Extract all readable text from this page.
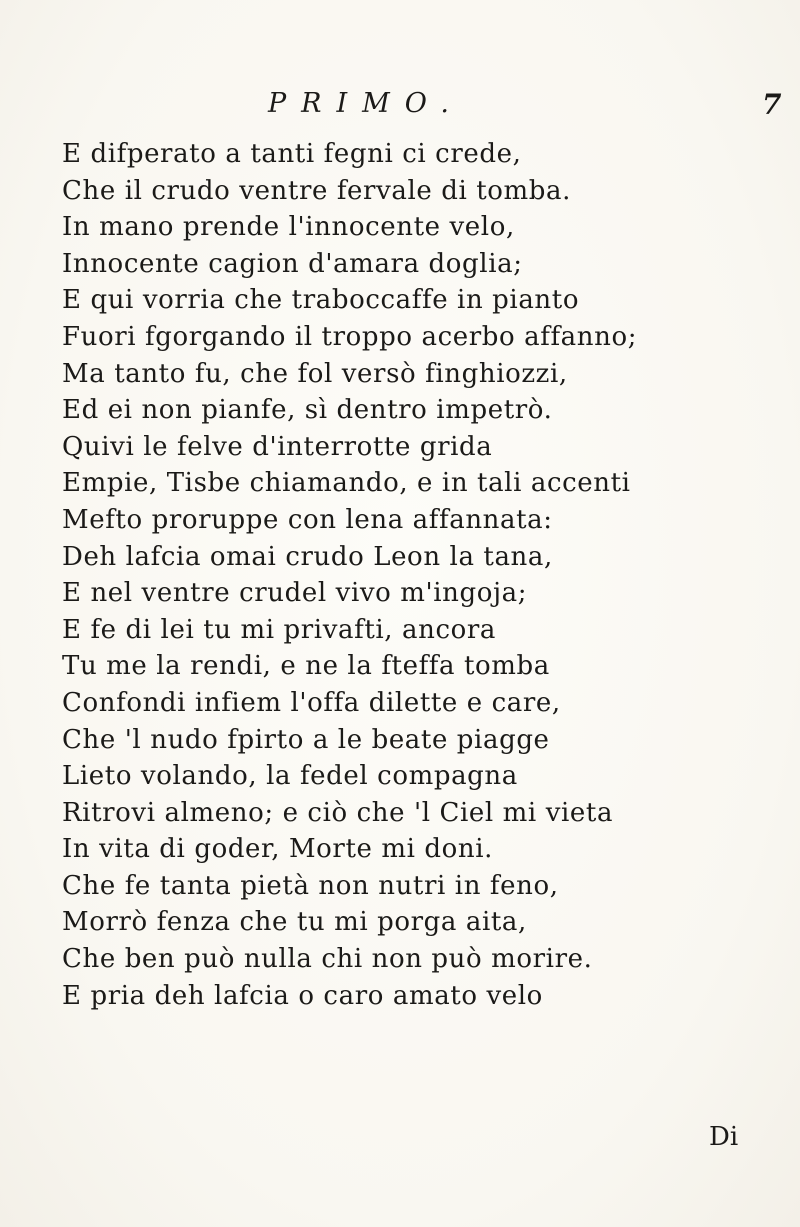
PRIMO.	7
E difperato a tanti fegni ci crede,
Che il crudo ventre fervale di tomba.
In mano prende l'innocente velo,
Innocente cagion d'amara doglia;
E qui vorria che traboccaffe in pianto
Fuori fgorgando il troppo acerbo affanno;
Ma tanto fu, che fol versò finghiozzi,
Ed ei non pianfe, sì dentro impetrò.
Quivi le felve d'interrotte grida
Empie, Tisbe chiamando, e in tali accenti
Mefto proruppe con lena affannata:
Deh lafcia omai crudo Leon la tana,
E nel ventre crudel vivo m'ingoja;
E fe di lei tu mi privafti, ancora
Tu me la rendi, e ne la fteffa tomba
Confondi infiem l'offa dilette e care,
Che 'l nudo fpirto a le beate piagge
Lieto volando, la fedel compagna
Ritrovi almeno; e ciò che 'l Ciel mi vieta
In vita di goder, Morte mi doni.
Che fe tanta pietà non nutri in feno,
Morrò fenza che tu mi porga aita,
Che ben può nulla chi non può morire.
E pria deh lafcia o caro amato velo
Di
